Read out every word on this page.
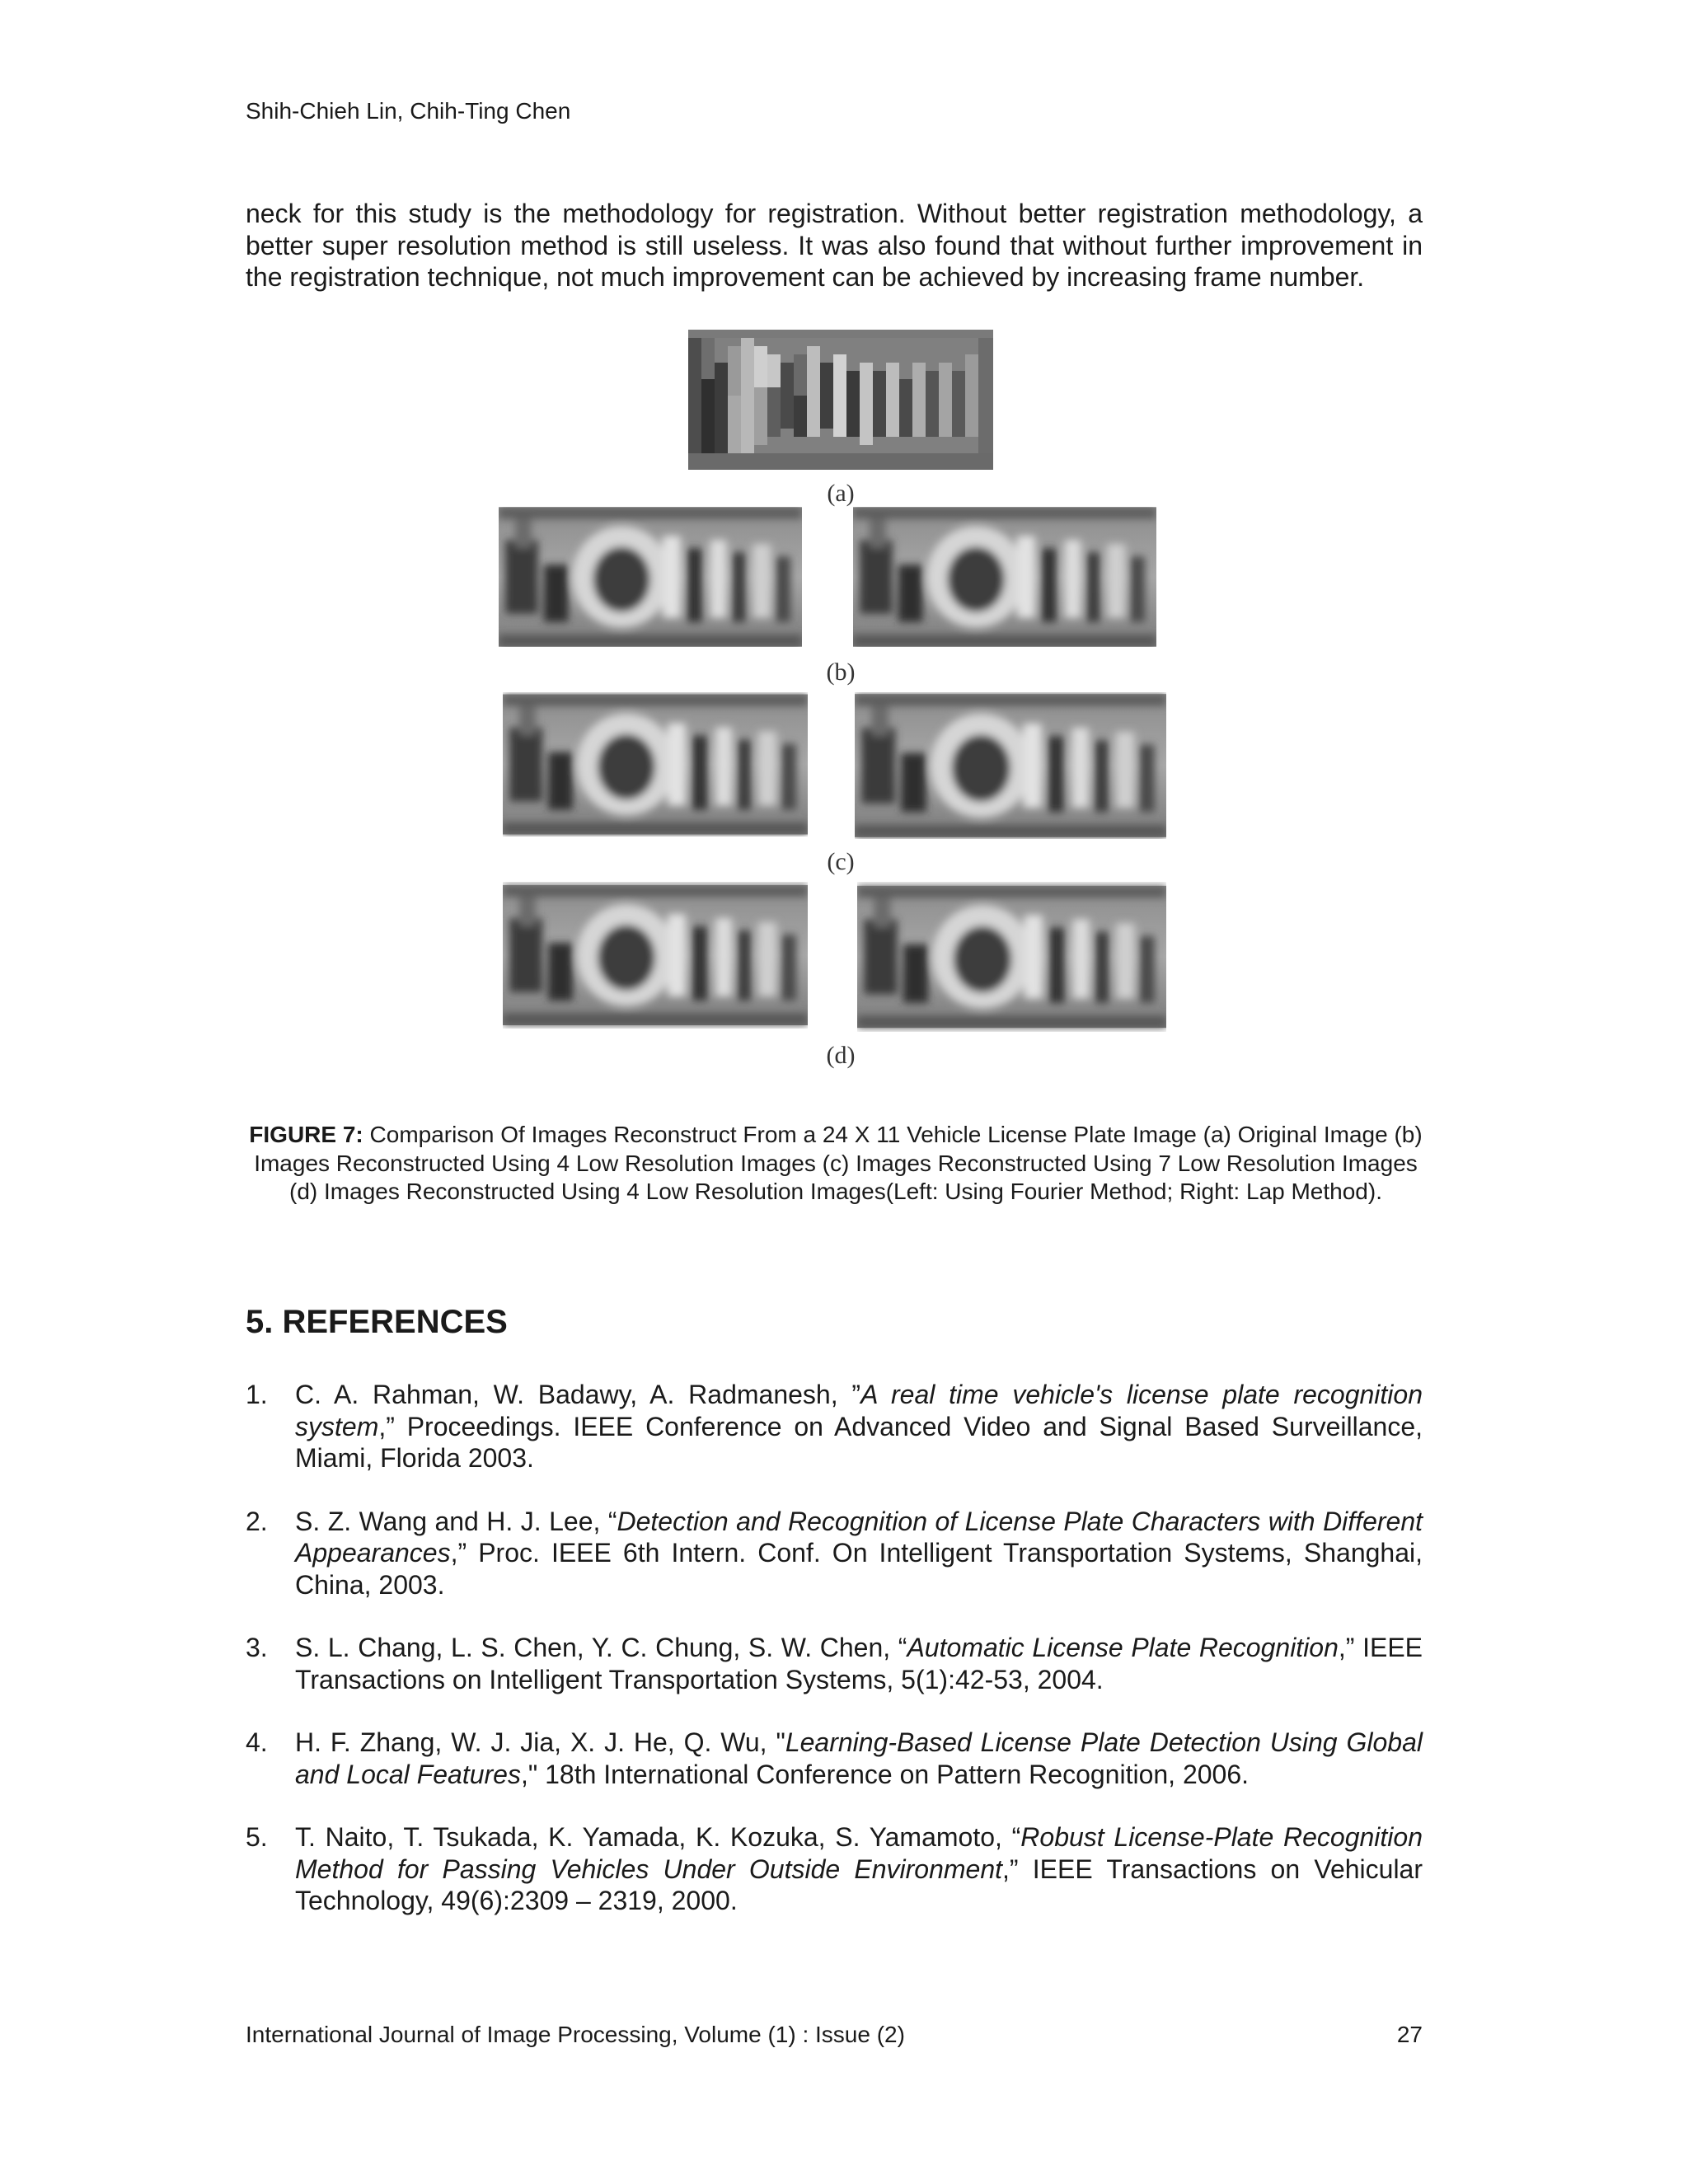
Shih-Chieh Lin, Chih-Ting Chen

neck for this study is the methodology for registration. Without better registration methodology, a better super resolution method is still useless. It was also found that without further improvement in the registration technique, not much improvement can be achieved by increasing frame number.

(a)
(b)
(c)
(d)
FIGURE 7: Comparison Of Images Reconstruct From a 24 X 11 Vehicle License Plate Image (a) Original Image (b) Images Reconstructed Using 4 Low Resolution Images (c) Images Reconstructed Using 7 Low Resolution Images (d) Images Reconstructed Using 4 Low Resolution Images(Left: Using Fourier Method; Right: Lap Method).
5. REFERENCES
1. C. A. Rahman, W. Badawy, A. Radmanesh, ”A real time vehicle's license plate recognition system,” Proceedings. IEEE Conference on Advanced Video and Signal Based Surveillance, Miami, Florida 2003.
2. S. Z. Wang and H. J. Lee, “Detection and Recognition of License Plate Characters with Different Appearances,” Proc. IEEE 6th Intern. Conf. On Intelligent Transportation Systems, Shanghai, China, 2003.
3. S. L. Chang, L. S. Chen, Y. C. Chung, S. W. Chen, “Automatic License Plate Recognition,” IEEE Transactions on Intelligent Transportation Systems, 5(1):42-53, 2004.
4. H. F. Zhang, W. J. Jia, X. J. He, Q. Wu, "Learning-Based License Plate Detection Using Global and Local Features," 18th International Conference on Pattern Recognition, 2006.
5. T. Naito, T. Tsukada, K. Yamada, K. Kozuka, S. Yamamoto, “Robust License-Plate Recognition Method for Passing Vehicles Under Outside Environment,” IEEE Transactions on Vehicular Technology, 49(6):2309 – 2319, 2000.
International Journal of Image Processing, Volume (1) : Issue (2)	27
